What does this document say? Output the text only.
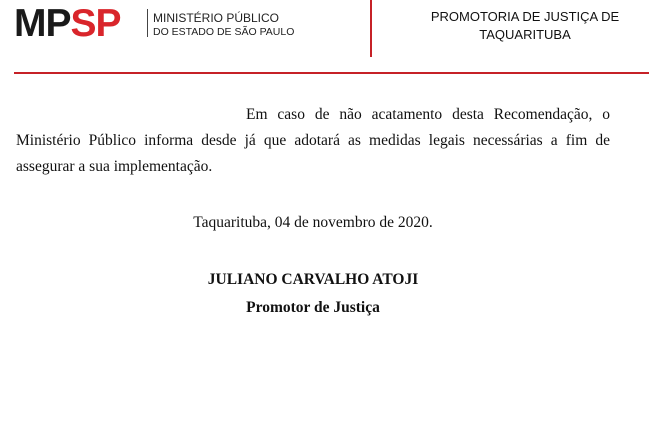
MPSP	MINISTÉRIO PÚBLICO
DO ESTADO DE SÃO PAULO
PROMOTORIA DE JUSTIÇA DE
TAQUARITUBA

Em caso de não acatamento desta Recomendação, o Ministério Público informa desde já que adotará as medidas legais necessárias a fim de assegurar a sua implementação.

Taquarituba, 04 de novembro de 2020.
JULIANO CARVALHO ATOJI
Promotor de Justiça
